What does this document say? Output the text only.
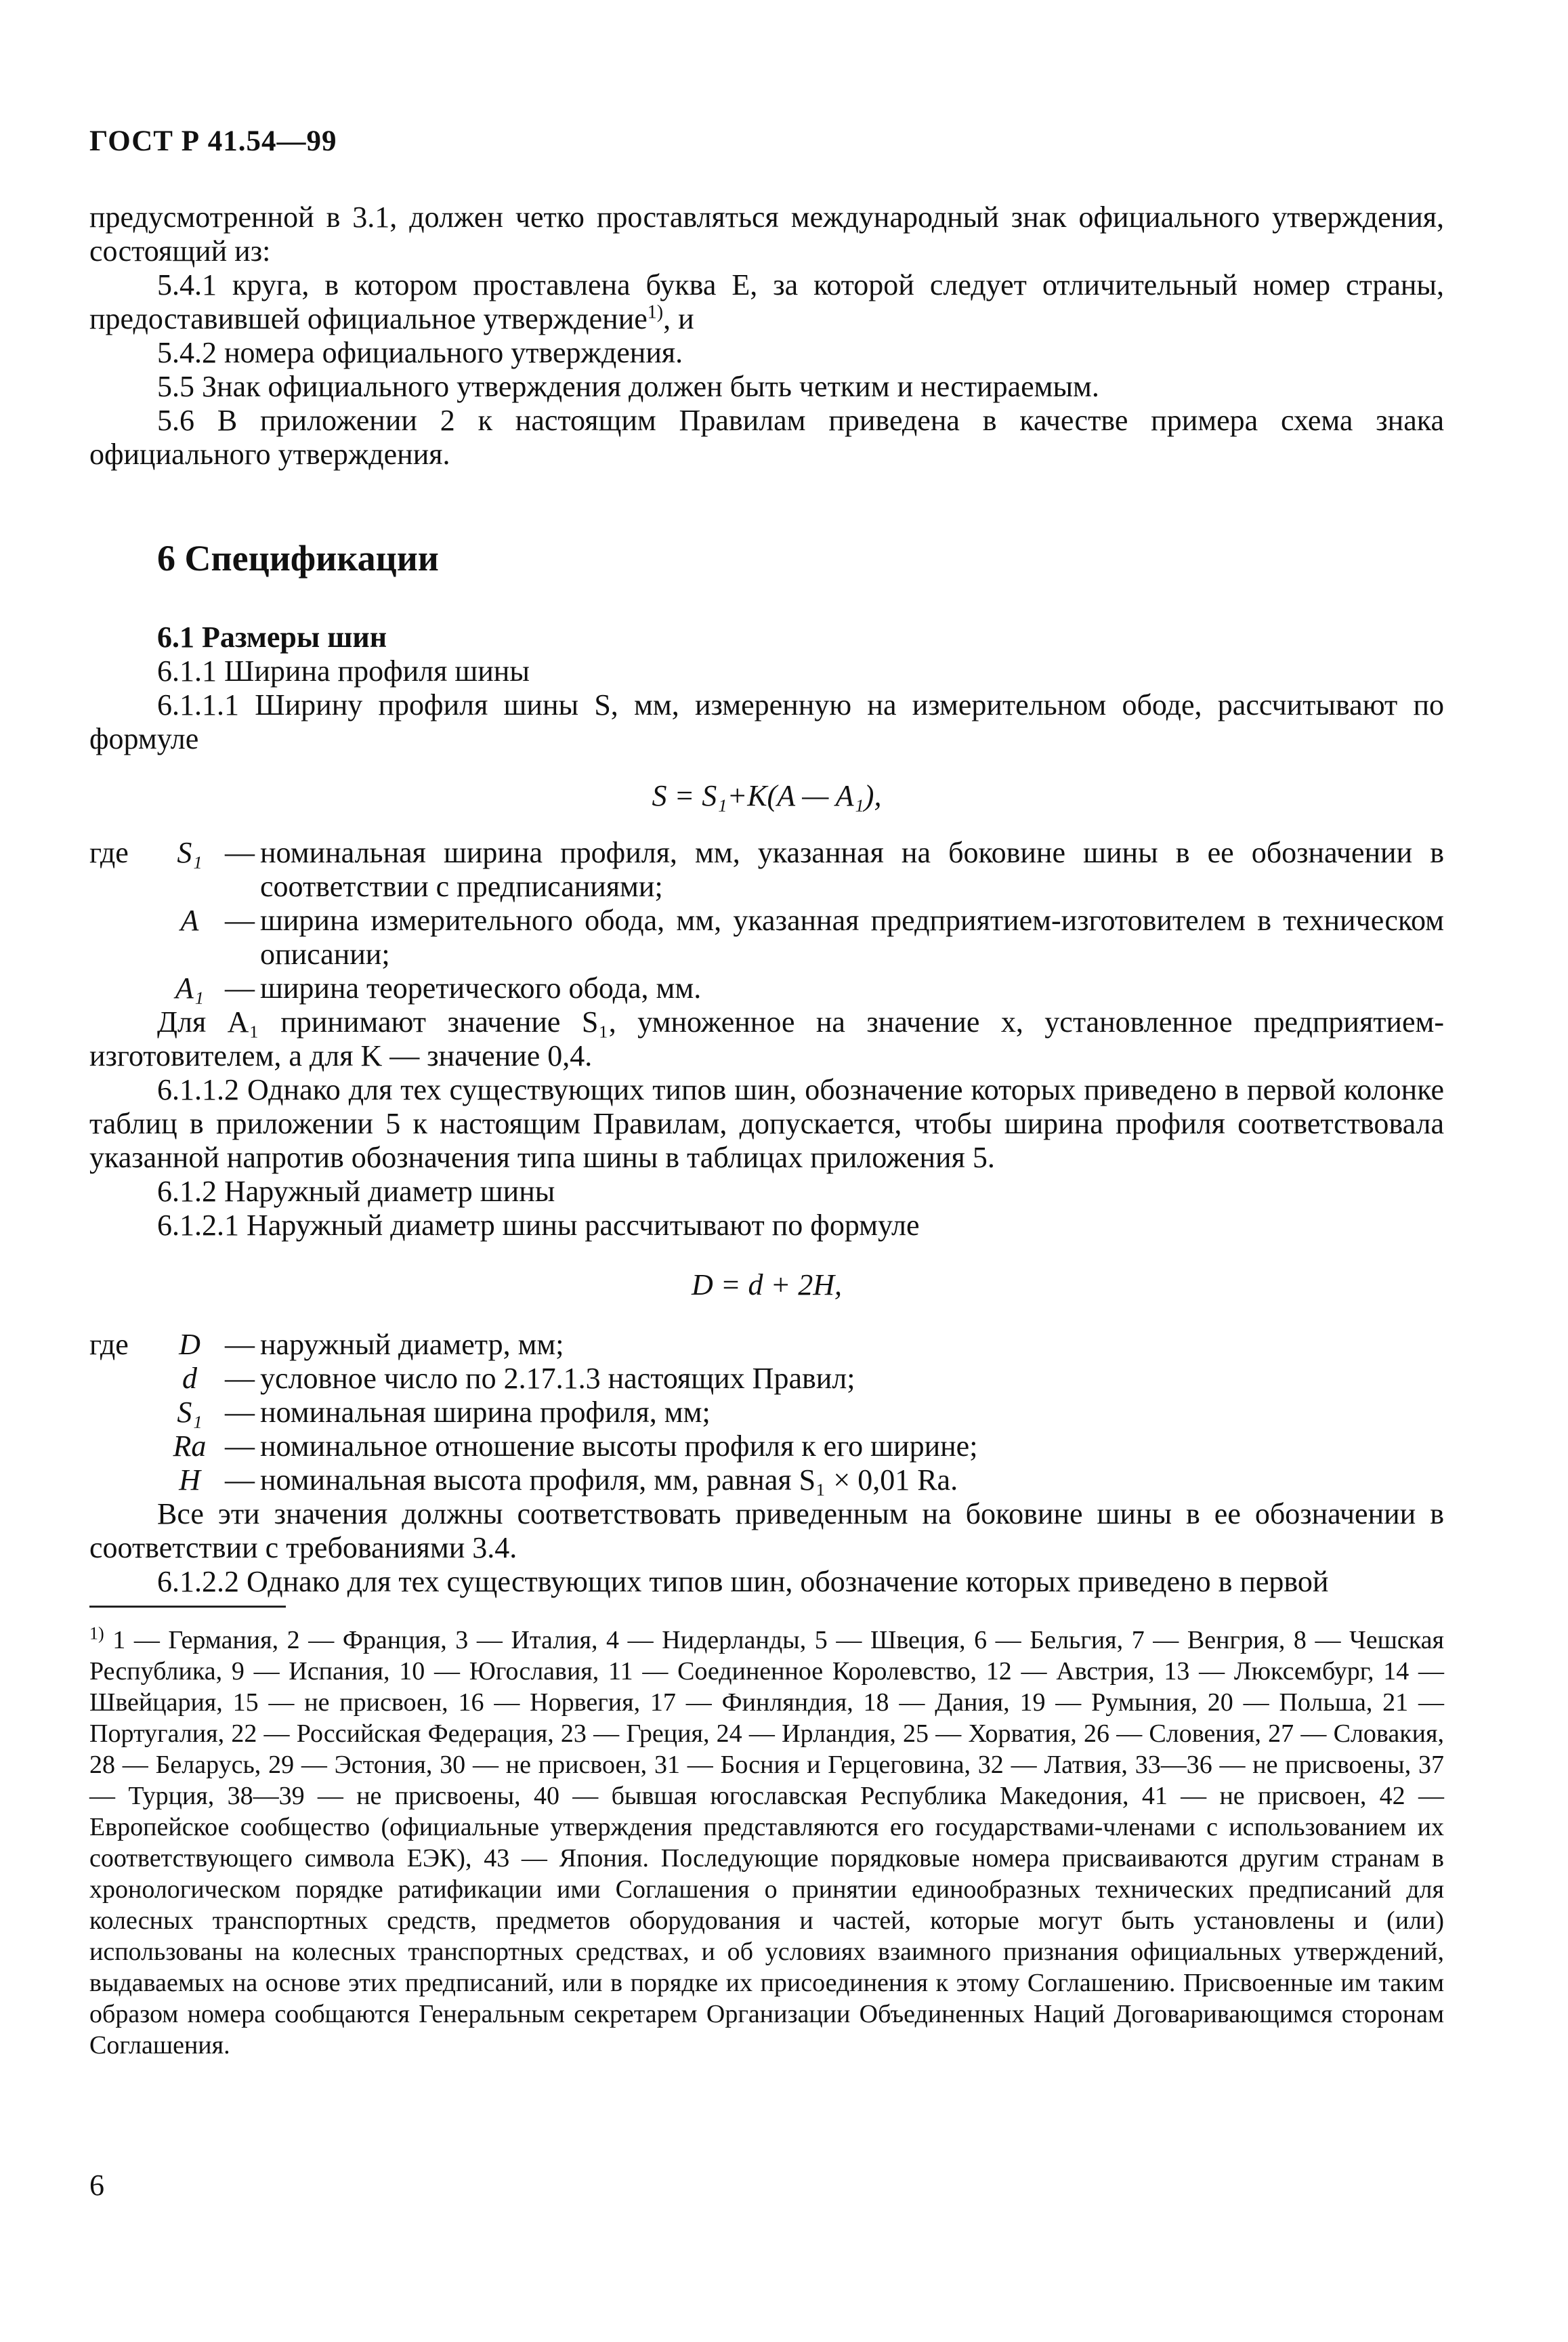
ГОСТ Р 41.54—99

предусмотренной в 3.1, должен четко проставляться международный знак официального утверждения, состоящий из:

5.4.1 круга, в котором проставлена буква Е, за которой следует отличительный номер страны, предоставившей официальное утверждение$^{1)}$, и

5.4.2 номера официального утверждения.

5.5 Знак официального утверждения должен быть четким и нестираемым.

5.6 В приложении 2 к настоящим Правилам приведена в качестве примера схема знака официального утверждения.

6 Спецификации
6.1 Размеры шин

6.1.1 Ширина профиля шины

6.1.1.1 Ширину профиля шины S, мм, измеренную на измерительном ободе, рассчитывают по формуле

S = S₁+K(A — A₁),
где	S₁	—	номинальная ширина профиля, мм, указанная на боковине шины в ее обозначении в соответствии с предписаниями;
	A	—	ширина измерительного обода, мм, указанная предприятием-изготовителем в техническом описании;
	A₁	—	ширина теоретического обода, мм.

Для A₁ принимают значение S₁, умноженное на значение x, установленное предприятием-изготовителем, а для K — значение 0,4.

6.1.1.2 Однако для тех существующих типов шин, обозначение которых приведено в первой колонке таблиц в приложении 5 к настоящим Правилам, допускается, чтобы ширина профиля соответствовала указанной напротив обозначения типа шины в таблицах приложения 5.

6.1.2 Наружный диаметр шины

6.1.2.1 Наружный диаметр шины рассчитывают по формуле

D = d + 2H,
где	D	—	наружный диаметр, мм;
	d	—	условное число по 2.17.1.3 настоящих Правил;
	S₁	—	номинальная ширина профиля, мм;
	Ra	—	номинальное отношение высоты профиля к его ширине;
	H	—	номинальная высота профиля, мм, равная S₁ × 0,01 Ra.

Все эти значения должны соответствовать приведенным на боковине шины в ее обозначении в соответствии с требованиями 3.4.

6.1.2.2 Однако для тех существующих типов шин, обозначение которых приведено в первой

$^{1)}$ 1 — Германия, 2 — Франция, 3 — Италия, 4 — Нидерланды, 5 — Швеция, 6 — Бельгия, 7 — Венгрия, 8 — Чешская Республика, 9 — Испания, 10 — Югославия, 11 — Соединенное Королевство, 12 — Австрия, 13 — Люксембург, 14 — Швейцария, 15 — не присвоен, 16 — Норвегия, 17 — Финляндия, 18 — Дания, 19 — Румыния, 20 — Польша, 21 — Португалия, 22 — Российская Федерация, 23 — Греция, 24 — Ирландия, 25 — Хорватия, 26 — Словения, 27 — Словакия, 28 — Беларусь, 29 — Эстония, 30 — не присвоен, 31 — Босния и Герцеговина, 32 — Латвия, 33—36 — не присвоены, 37 — Турция, 38—39 — не присвоены, 40 — бывшая югославская Республика Македония, 41 — не присвоен, 42 — Европейское сообщество (официальные утверждения представляются его государствами-членами с использованием их соответствующего символа ЕЭК), 43 — Япония. Последующие порядковые номера присваиваются другим странам в хронологическом порядке ратификации ими Соглашения о принятии единообразных технических предписаний для колесных транспортных средств, предметов оборудования и частей, которые могут быть установлены и (или) использованы на колесных транспортных средствах, и об условиях взаимного признания официальных утверждений, выдаваемых на основе этих предписаний, или в порядке их присоединения к этому Соглашению. Присвоенные им таким образом номера сообщаются Генеральным секретарем Организации Объединенных Наций Договаривающимся сторонам Соглашения.
6
